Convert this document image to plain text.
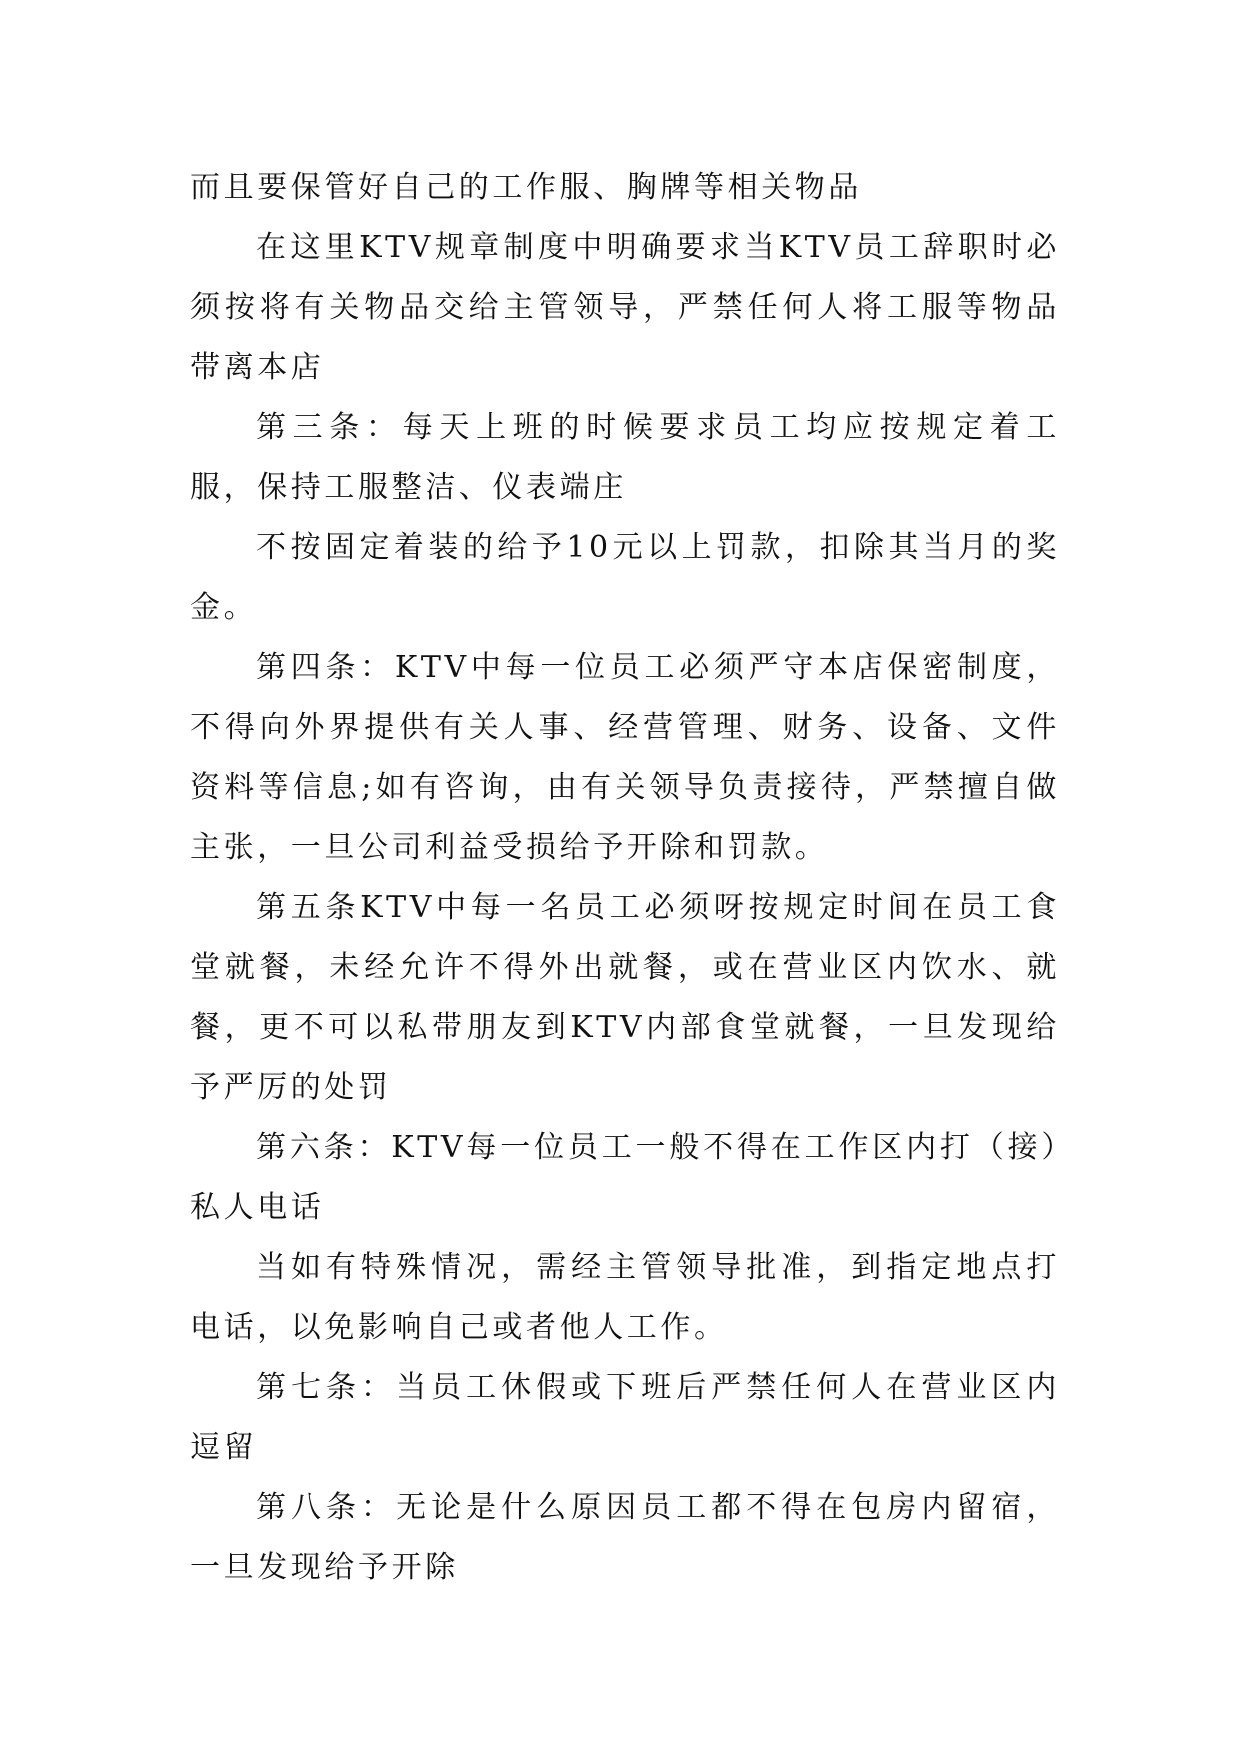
而且要保管好自己的工作服、胸牌等相关物品

在这里KTV规章制度中明确要求当KTV员工辞职时必须按将有关物品交给主管领导，严禁任何人将工服等物品带离本店

第三条：每天上班的时候要求员工均应按规定着工服，保持工服整洁、仪表端庄

不按固定着装的给予10元以上罚款，扣除其当月的奖金。

第四条：KTV中每一位员工必须严守本店保密制度，不得向外界提供有关人事、经营管理、财务、设备、文件资料等信息;如有咨询，由有关领导负责接待，严禁擅自做主张，一旦公司利益受损给予开除和罚款。

第五条KTV中每一名员工必须呀按规定时间在员工食堂就餐，未经允许不得外出就餐，或在营业区内饮水、就餐，更不可以私带朋友到KTV内部食堂就餐，一旦发现给予严厉的处罚

第六条：KTV每一位员工一般不得在工作区内打（接）私人电话

当如有特殊情况，需经主管领导批准，到指定地点打电话，以免影响自己或者他人工作。

第七条：当员工休假或下班后严禁任何人在营业区内逗留

第八条：无论是什么原因员工都不得在包房内留宿，一旦发现给予开除
